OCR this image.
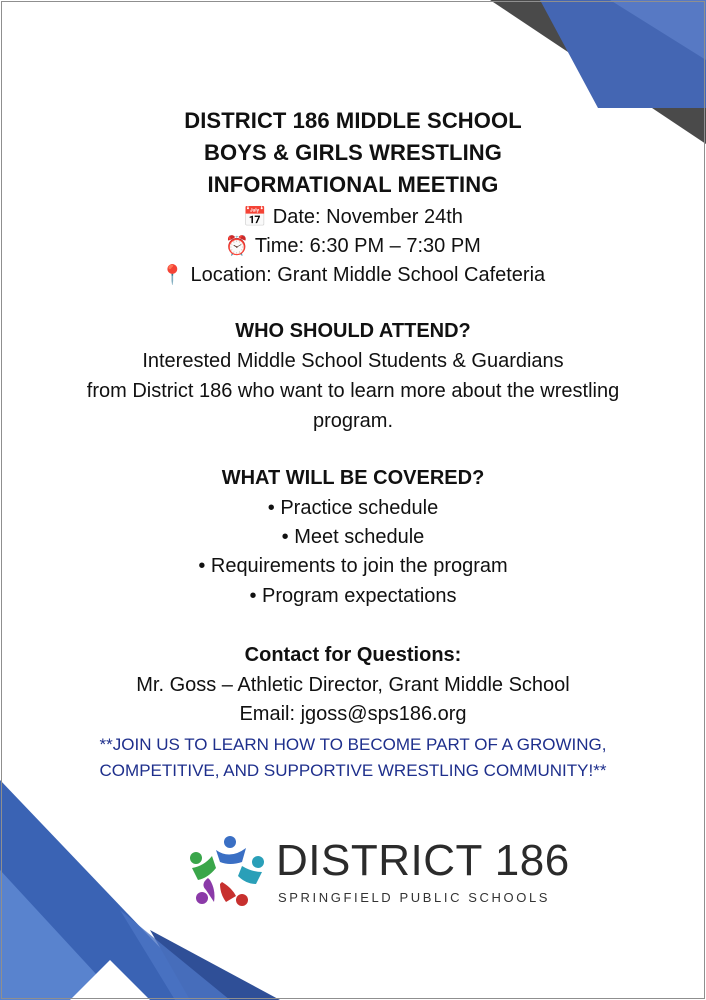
DISTRICT 186 MIDDLE SCHOOL
BOYS & GIRLS WRESTLING
INFORMATIONAL MEETING
📅 Date: November 24th
⏰ Time: 6:30 PM – 7:30 PM
📍 Location: Grant Middle School Cafeteria
WHO SHOULD ATTEND?
Interested Middle School Students & Guardians
from District 186 who want to learn more about the wrestling
program.
WHAT WILL BE COVERED?
• Practice schedule
• Meet schedule
• Requirements to join the program
• Program expectations
Contact for Questions:
Mr. Goss – Athletic Director, Grant Middle School
Email: jgoss@sps186.org
**JOIN US TO LEARN HOW TO BECOME PART OF A GROWING,
COMPETITIVE, AND SUPPORTIVE WRESTLING COMMUNITY!**
DISTRICT 186
SPRINGFIELD PUBLIC SCHOOLS
